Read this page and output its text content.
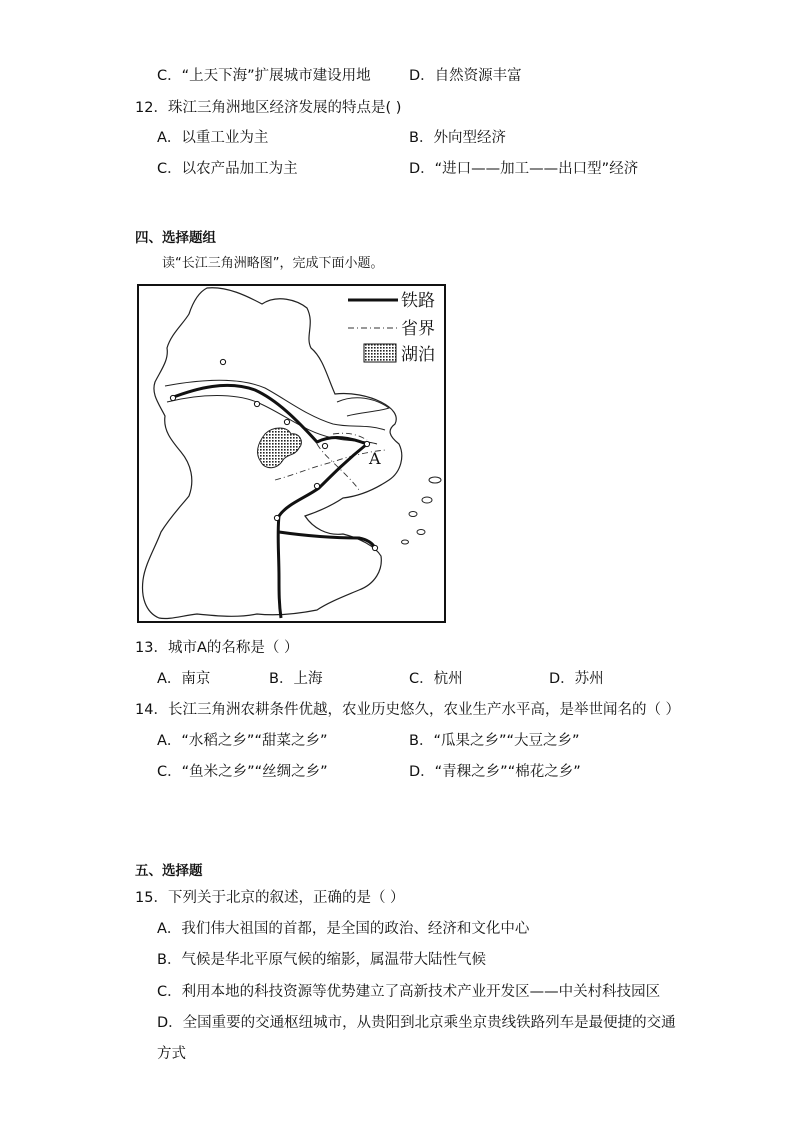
C．“上天下海”扩展城市建设用地	D．自然资源丰富
12．珠江三角洲地区经济发展的特点是( )
A．以重工业为主	B．外向型经济
C．以农产品加工为主	D．“进口——加工——出口型”经济
四、选择题组
读“长江三角洲略图”，完成下面小题。
A
铁路
省界
湖泊
13．城市A的名称是（ ）
A．南京	B．上海	C．杭州	D．苏州
14．长江三角洲农耕条件优越，农业历史悠久，农业生产水平高，是举世闻名的（ ）
A．“水稻之乡”“甜菜之乡”	B．“瓜果之乡”“大豆之乡”
C．“鱼米之乡”“丝绸之乡”	D．“青稞之乡”“棉花之乡”
五、选择题
15．下列关于北京的叙述，正确的是（ ）
A．我们伟大祖国的首都，是全国的政治、经济和文化中心
B．气候是华北平原气候的缩影，属温带大陆性气候
C．利用本地的科技资源等优势建立了高新技术产业开发区——中关村科技园区
D．全国重要的交通枢纽城市，从贵阳到北京乘坐京贵线铁路列车是最便捷的交通
方式
